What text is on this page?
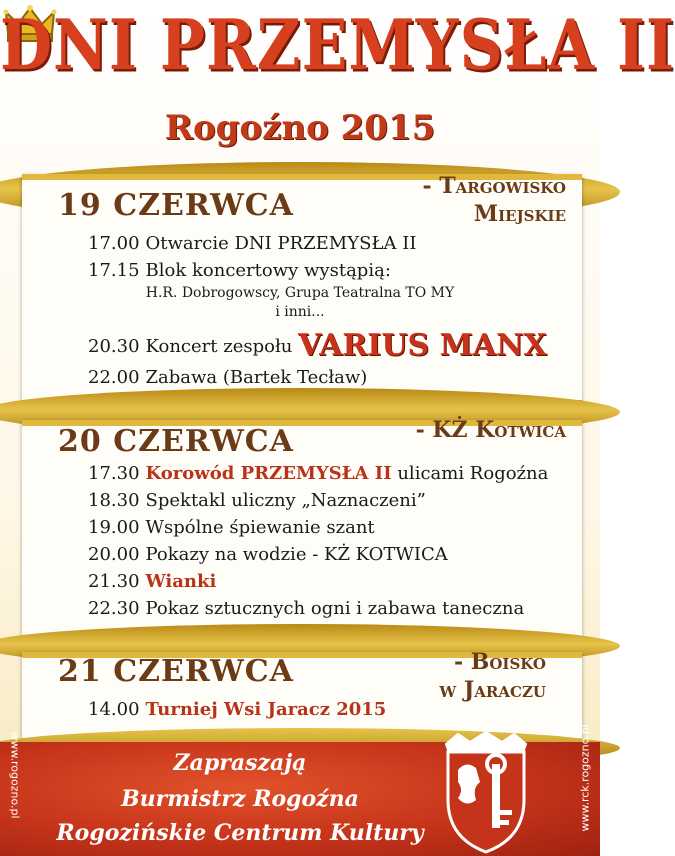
DNI PRZEMYSŁA II
Rogoźno 2015
19 CZERWCA
- Targowisko
Miejskie
17.00 Otwarcie DNI PRZEMYSŁA II
17.15 Blok koncertowy wystąpią:
H.R. Dobrogowscy, Grupa Teatralna TO MY
i inni...
20.30 Koncert zespołu VARIUS MANX
22.00 Zabawa (Bartek Tecław)
20 CZERWCA	- KŻ Kotwica
17.30 Korowód PRZEMYSŁA II ulicami Rogoźna
18.30 Spektakl uliczny „Naznaczeni”
19.00 Wspólne śpiewanie szant
20.00 Pokazy na wodzie - KŻ KOTWICA
21.30 Wianki
22.30 Pokaz sztucznych ogni i zabawa taneczna
21 CZERWCA	- Boisko
w Jaraczu
14.00 Turniej Wsi Jaracz 2015
Zapraszają
Burmistrz Rogoźna
Rogozińskie Centrum Kultury
www.rogozno.pl	www.rck.rogozno.pl
